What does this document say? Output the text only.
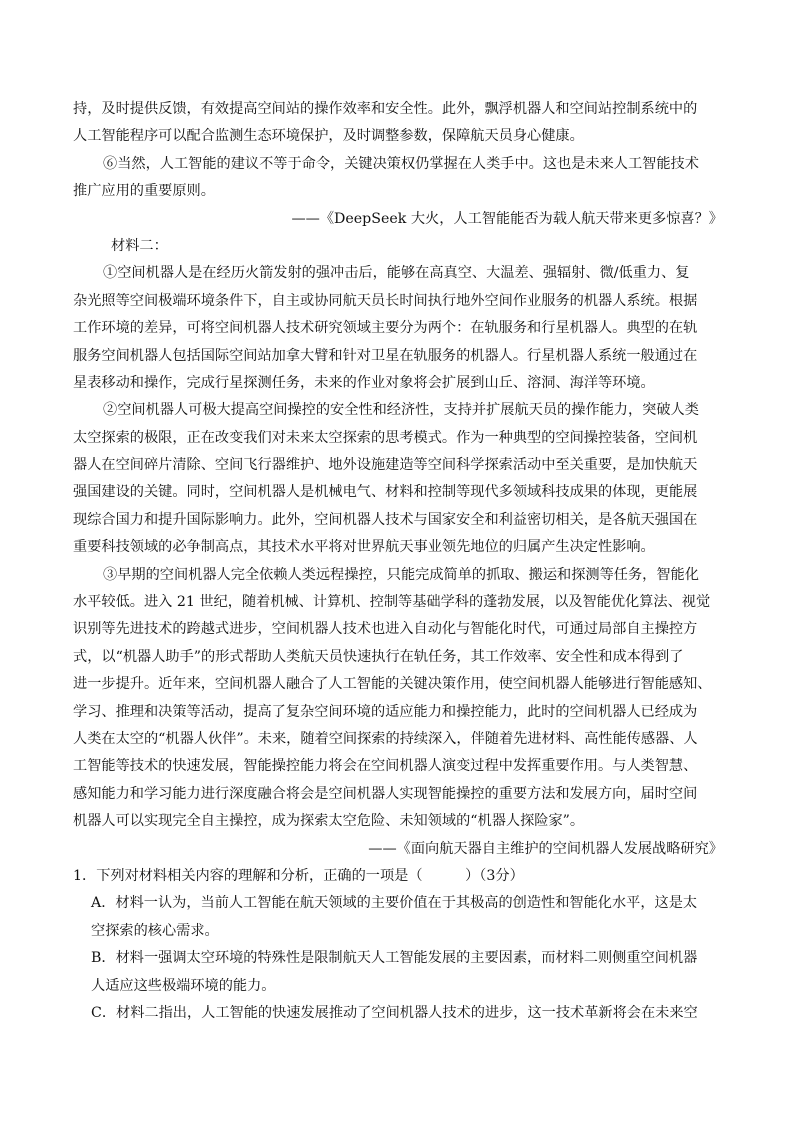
持，及时提供反馈，有效提高空间站的操作效率和安全性。此外，飘浮机器人和空间站控制系统中的
人工智能程序可以配合监测生态环境保护，及时调整参数，保障航天员身心健康。
⑥当然，人工智能的建议不等于命令，关键决策权仍掌握在人类手中。这也是未来人工智能技术
推广应用的重要原则。
——《DeepSeek 大火，人工智能能否为载人航天带来更多惊喜？》
材料二：
①空间机器人是在经历火箭发射的强冲击后，能够在高真空、大温差、强辐射、微/低重力、复
杂光照等空间极端环境条件下，自主或协同航天员长时间执行地外空间作业服务的机器人系统。根据
工作环境的差异，可将空间机器人技术研究领域主要分为两个：在轨服务和行星机器人。典型的在轨
服务空间机器人包括国际空间站加拿大臂和针对卫星在轨服务的机器人。行星机器人系统一般通过在
星表移动和操作，完成行星探测任务，未来的作业对象将会扩展到山丘、溶洞、海洋等环境。
②空间机器人可极大提高空间操控的安全性和经济性，支持并扩展航天员的操作能力，突破人类
太空探索的极限，正在改变我们对未来太空探索的思考模式。作为一种典型的空间操控装备，空间机
器人在空间碎片清除、空间飞行器维护、地外设施建造等空间科学探索活动中至关重要，是加快航天
强国建设的关键。同时，空间机器人是机械电气、材料和控制等现代多领域科技成果的体现，更能展
现综合国力和提升国际影响力。此外，空间机器人技术与国家安全和利益密切相关，是各航天强国在
重要科技领域的必争制高点，其技术水平将对世界航天事业领先地位的归属产生决定性影响。
③早期的空间机器人完全依赖人类远程操控，只能完成简单的抓取、搬运和探测等任务，智能化
水平较低。进入 21 世纪，随着机械、计算机、控制等基础学科的蓬勃发展，以及智能优化算法、视觉
识别等先进技术的跨越式进步，空间机器人技术也进入自动化与智能化时代，可通过局部自主操控方
式，以“机器人助手”的形式帮助人类航天员快速执行在轨任务，其工作效率、安全性和成本得到了
进一步提升。近年来，空间机器人融合了人工智能的关键决策作用，使空间机器人能够进行智能感知、
学习、推理和决策等活动，提高了复杂空间环境的适应能力和操控能力，此时的空间机器人已经成为
人类在太空的“机器人伙伴”。未来，随着空间探索的持续深入，伴随着先进材料、高性能传感器、人
工智能等技术的快速发展，智能操控能力将会在空间机器人演变过程中发挥重要作用。与人类智慧、
感知能力和学习能力进行深度融合将会是空间机器人实现智能操控的重要方法和发展方向，届时空间
机器人可以实现完全自主操控，成为探索太空危险、未知领域的“机器人探险家”。
——《面向航天器自主维护的空间机器人发展战略研究》
1．下列对材料相关内容的理解和分析，正确的一项是（　　　）（3分）
A．材料一认为，当前人工智能在航天领域的主要价值在于其极高的创造性和智能化水平，这是太
空探索的核心需求。
B．材料一强调太空环境的特殊性是限制航天人工智能发展的主要因素，而材料二则侧重空间机器
人适应这些极端环境的能力。
C．材料二指出，人工智能的快速发展推动了空间机器人技术的进步，这一技术革新将会在未来空
